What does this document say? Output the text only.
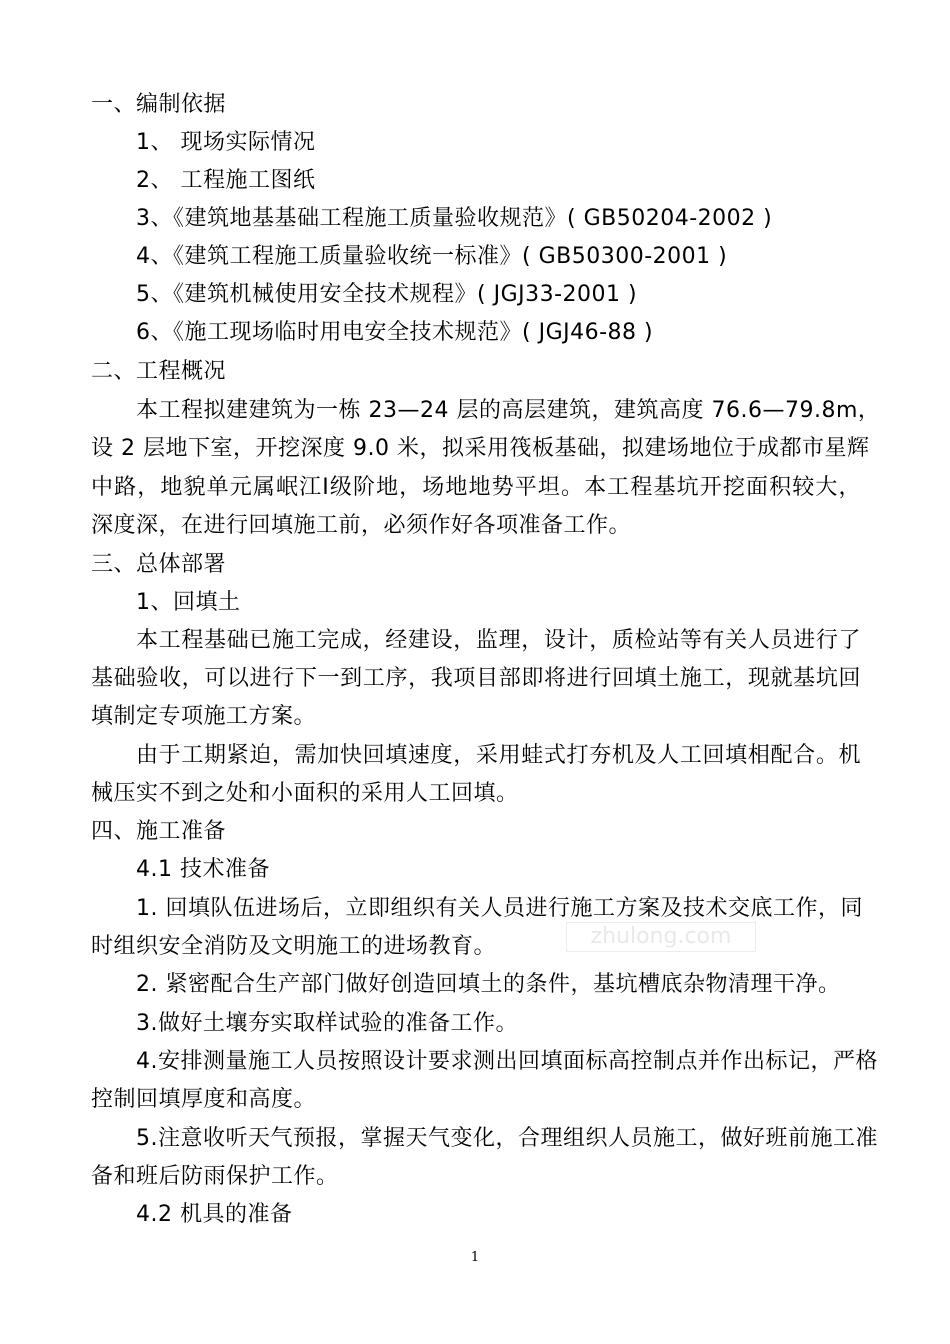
一、编制依据
1、 现场实际情况
2、 工程施工图纸
3、《建筑地基基础工程施工质量验收规范》( GB50204-2002 )
4、《建筑工程施工质量验收统一标准》( GB50300-2001 )
5、《建筑机械使用安全技术规程》( JGJ33-2001 )
6、《施工现场临时用电安全技术规范》( JGJ46-88 )
二、工程概况
本工程拟建建筑为一栋 23—24 层的高层建筑，建筑高度 76.6—79.8m，
设 2 层地下室，开挖深度 9.0 米，拟采用筏板基础，拟建场地位于成都市星辉
中路，地貌单元属岷江Ⅰ级阶地，场地地势平坦。本工程基坑开挖面积较大，
深度深，在进行回填施工前，必须作好各项准备工作。
三、总体部署
1、回填土
本工程基础已施工完成，经建设，监理，设计，质检站等有关人员进行了
基础验收，可以进行下一到工序，我项目部即将进行回填土施工，现就基坑回
填制定专项施工方案。
由于工期紧迫，需加快回填速度，采用蛙式打夯机及人工回填相配合。机
械压实不到之处和小面积的采用人工回填。
四、施工准备
4.1 技术准备
1. 回填队伍进场后，立即组织有关人员进行施工方案及技术交底工作，同
时组织安全消防及文明施工的进场教育。
2. 紧密配合生产部门做好创造回填土的条件，基坑槽底杂物清理干净。
3.做好土壤夯实取样试验的准备工作。
4.安排测量施工人员按照设计要求测出回填面标高控制点并作出标记，严格
控制回填厚度和高度。
5.注意收听天气预报，掌握天气变化，合理组织人员施工，做好班前施工准
备和班后防雨保护工作。
4.2 机具的准备
zhulong.com
1
